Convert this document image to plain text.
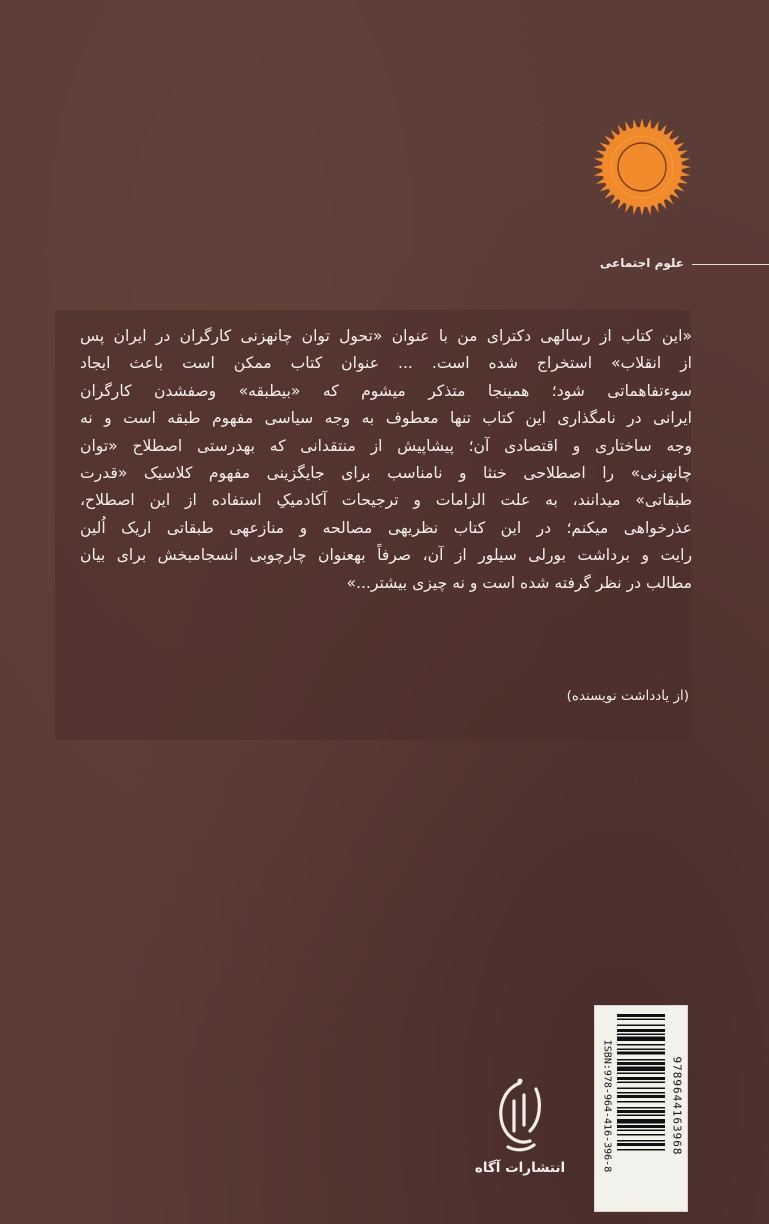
علوم اجتماعی
«این کتاب از رسالهی دکترای من با عنوان «تحول توان چانهزنی کارگران در ایران پس
از انقلاب» استخراج شده است. ... عنوان کتاب ممکن است باعث ایجاد
سوءتفاهماتی شود؛ همینجا متذکر میشوم که «بیطبقه» وصفشدن کارگران
ایرانی در نامگذاری این کتاب تنها معطوف به وجه سیاسی مفهوم طبقه است و نه
وجه ساختاری و اقتصادی آن؛ پیشاپیش از منتقدانی که بهدرستی اصطلاح «توان
چانهزنی» را اصطلاحی خنثا و نامناسب برای جایگزینی مفهوم کلاسیک «قدرت
طبقاتی» میدانند، به علت الزامات و ترجیحات آکادمیکِ استفاده از این اصطلاح،
عذرخواهی میکنم؛ در این کتاب نظریهی مصالحه و منازعهی طبقاتی اریک اُلین
رایت و برداشت بورلی سیلور از آن، صرفاً بهعنوان چارچوبی انسجامبخش برای بیان
مطالب در نظر گرفته شده است و نه چیزی بیشتر...»
(از یادداشت نویسنده)
انتشارات آگاه	ISBN:978-964-416-396-8	9789644163968
